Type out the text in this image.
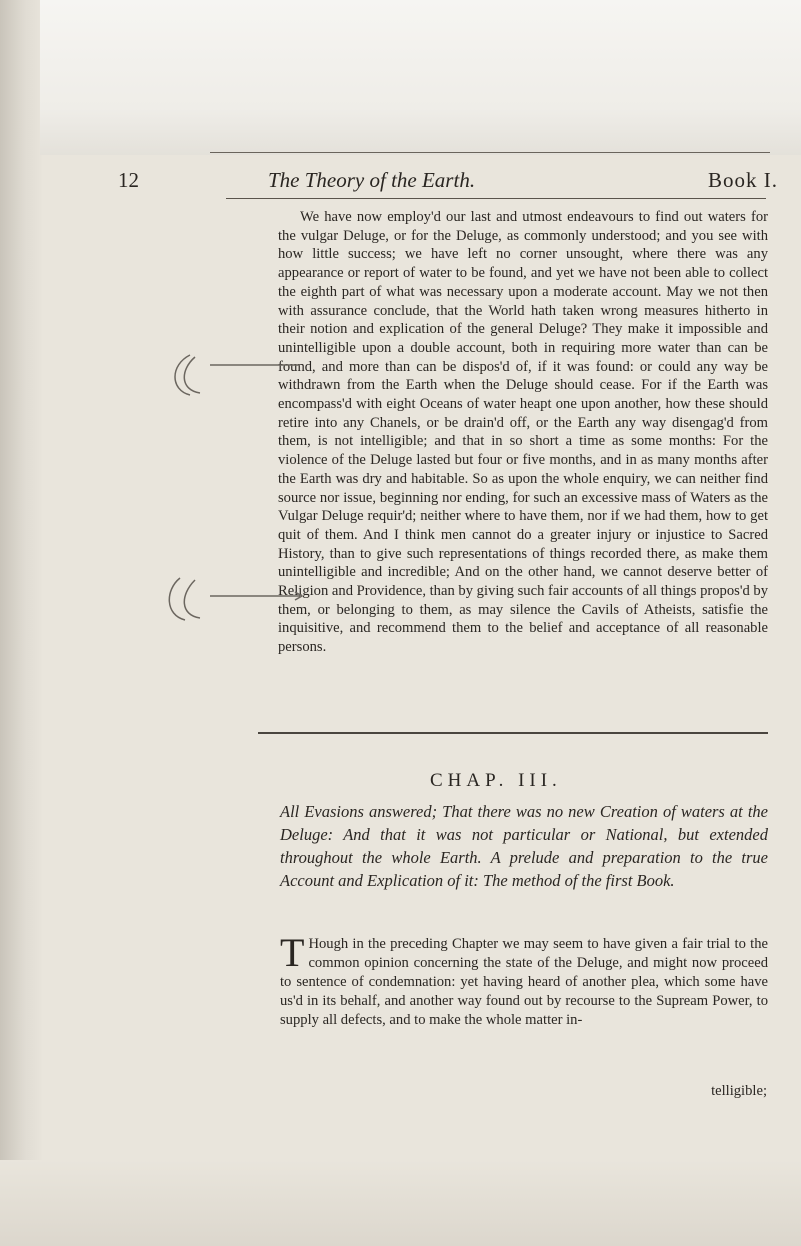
12	The Theory of the Earth.	Book I.

We have now employ'd our last and utmost endeavours to find out waters for the vulgar Deluge, or for the Deluge, as commonly understood; and you see with how little success; we have left no corner unsought, where there was any appearance or report of water to be found, and yet we have not been able to collect the eighth part of what was necessary upon a moderate account. May we not then with assurance conclude, that the World hath taken wrong measures hitherto in their notion and explication of the general Deluge? They make it impossible and unintelligible upon a double account, both in requiring more water than can be found, and more than can be dispos'd of, if it was found: or could any way be withdrawn from the Earth when the Deluge should cease. For if the Earth was encompass'd with eight Oceans of water heapt one upon another, how these should retire into any Chanels, or be drain'd off, or the Earth any way disengag'd from them, is not intelligible; and that in so short a time as some months: For the violence of the Deluge lasted but four or five months, and in as many months after the Earth was dry and habitable. So as upon the whole enquiry, we can neither find source nor issue, beginning nor ending, for such an excessive mass of Waters as the Vulgar Deluge requir'd; neither where to have them, nor if we had them, how to get quit of them. And I think men cannot do a greater injury or injustice to Sacred History, than to give such representations of things recorded there, as make them unintelligible and incredible; And on the other hand, we cannot deserve better of Religion and Providence, than by giving such fair accounts of all things propos'd by them, or belonging to them, as may silence the Cavils of Atheists, satisfie the inquisitive, and recommend them to the belief and acceptance of all reasonable persons.

CHAP. III.
All Evasions answered; That there was no new Creation of waters at the Deluge: And that it was not particular or National, but extended throughout the whole Earth. A prelude and preparation to the true Account and Explication of it: The method of the first Book.
T Hough in the preceding Chapter we may seem to have given a fair trial to the common opinion concerning the state of the Deluge, and might now proceed to sentence of condemnation: yet having heard of another plea, which some have us'd in its behalf, and another way found out by recourse to the Supream Power, to supply all defects, and to make the whole matter in-
telligible;
